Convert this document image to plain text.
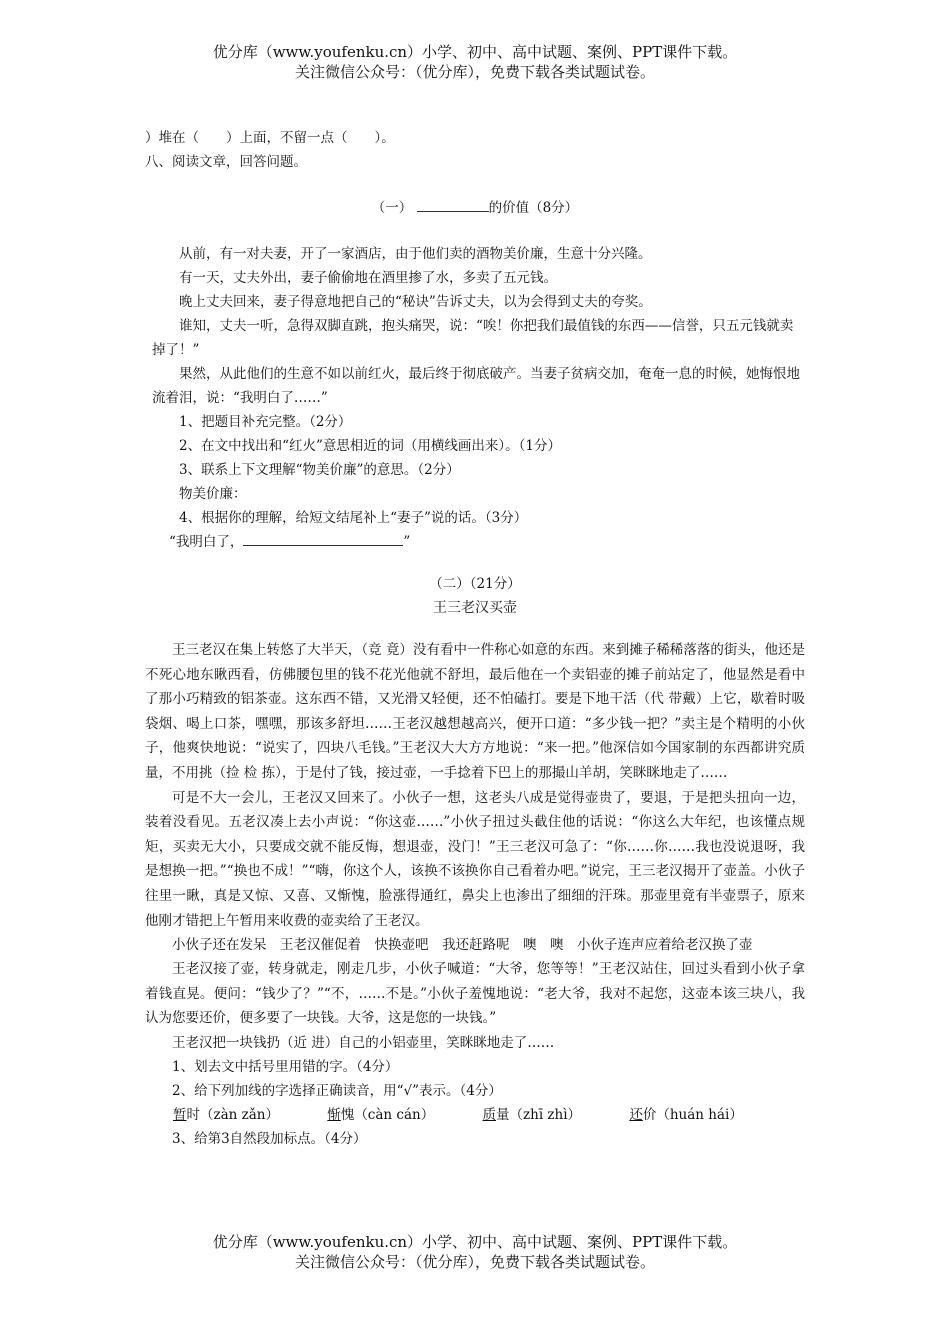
优分库（www.youfenku.cn）小学、初中、高中试题、案例、PPT课件下载。
关注微信公众号：（优分库），免费下载各类试题试卷。
）堆在（　　）上面，不留一点（　　）。
八、阅读文章，回答问题。
（一）	的价值（8分）
从前，有一对夫妻，开了一家酒店，由于他们卖的酒物美价廉，生意十分兴隆。
有一天，丈夫外出，妻子偷偷地在酒里掺了水，多卖了五元钱。
晚上丈夫回来，妻子得意地把自己的“秘诀”告诉丈夫，以为会得到丈夫的夸奖。
谁知，丈夫一听，急得双脚直跳，抱头痛哭，说：“唉！你把我们最值钱的东西——信誉，只五元钱就卖掉了！”
果然，从此他们的生意不如以前红火，最后终于彻底破产。当妻子贫病交加，奄奄一息的时候，她悔恨地流着泪，说：“我明白了……”
1、把题目补充完整。（2分）
2、在文中找出和“红火”意思相近的词（用横线画出来）。（1分）
3、联系上下文理解“物美价廉”的意思。（2分）
物美价廉：
4、根据你的理解，给短文结尾补上“妻子”说的话。（3分）
“我明白了，	”
（二）（21分）
王三老汉买壶
王三老汉在集上转悠了大半天，（竞 竟）没有看中一件称心如意的东西。来到摊子稀稀落落的街头，他还是不死心地东瞅西看，仿佛腰包里的钱不花光他就不舒坦，最后他在一个卖铝壶的摊子前站定了，他显然是看中了那小巧精致的铝茶壶。这东西不错，又光滑又轻便，还不怕磕打。要是下地干活（代 带戴）上它，歇着时吸袋烟、喝上口茶，嘿嘿，那该多舒坦……王老汉越想越高兴，便开口道：“多少钱一把？”卖主是个精明的小伙子，他爽快地说：“说实了，四块八毛钱。”王老汉大大方方地说：“来一把。”他深信如今国家制的东西都讲究质量，不用挑（捡 检 拣），于是付了钱，接过壶，一手捻着下巴上的那撮山羊胡，笑眯眯地走了……
可是不大一会儿，王老汉又回来了。小伙子一想，这老头八成是觉得壶贵了，要退，于是把头扭向一边，装着没看见。五老汉凑上去小声说：“你这壶……”小伙子扭过头截住他的话说：“你这么大年纪，也该懂点规矩，买卖无大小，只要成交就不能反悔，想退壶，没门！”王三老汉可急了：“你……你……我也没说退呀，我是想换一把。”“换也不成！”“嗨，你这个人，该换不该换你自己看着办吧。”说完，王三老汉揭开了壶盖。小伙子往里一瞅，真是又惊、又喜、又惭愧，脸涨得通红，鼻尖上也渗出了细细的汗珠。那壶里竟有半壶票子，原来他刚才错把上午暂用来收费的壶卖给了王老汉。
小伙子还在发呆　王老汉催促着　快换壶吧　我还赶路呢　噢　噢　小伙子连声应着给老汉换了壶
王老汉接了壶，转身就走，刚走几步，小伙子喊道：“大爷，您等等！”王老汉站住，回过头看到小伙子拿着钱直晃。便问：“钱少了？”“不，……不是。”小伙子羞愧地说：“老大爷，我对不起您，这壶本该三块八，我认为您要还价，便多要了一块钱。大爷，这是您的一块钱。”
王老汉把一块钱扔（近 进）自己的小铝壶里，笑眯眯地走了……
1、划去文中括号里用错的字。（4分）
2、给下列加线的字选择正确读音，用“√”表示。（4分）
暂时（zàn zǎn）	惭愧（càn cán）	质量（zhī zhì）	还价（huán hái）
3、给第3自然段加标点。（4分）
优分库（www.youfenku.cn）小学、初中、高中试题、案例、PPT课件下载。
关注微信公众号：（优分库），免费下载各类试题试卷。
